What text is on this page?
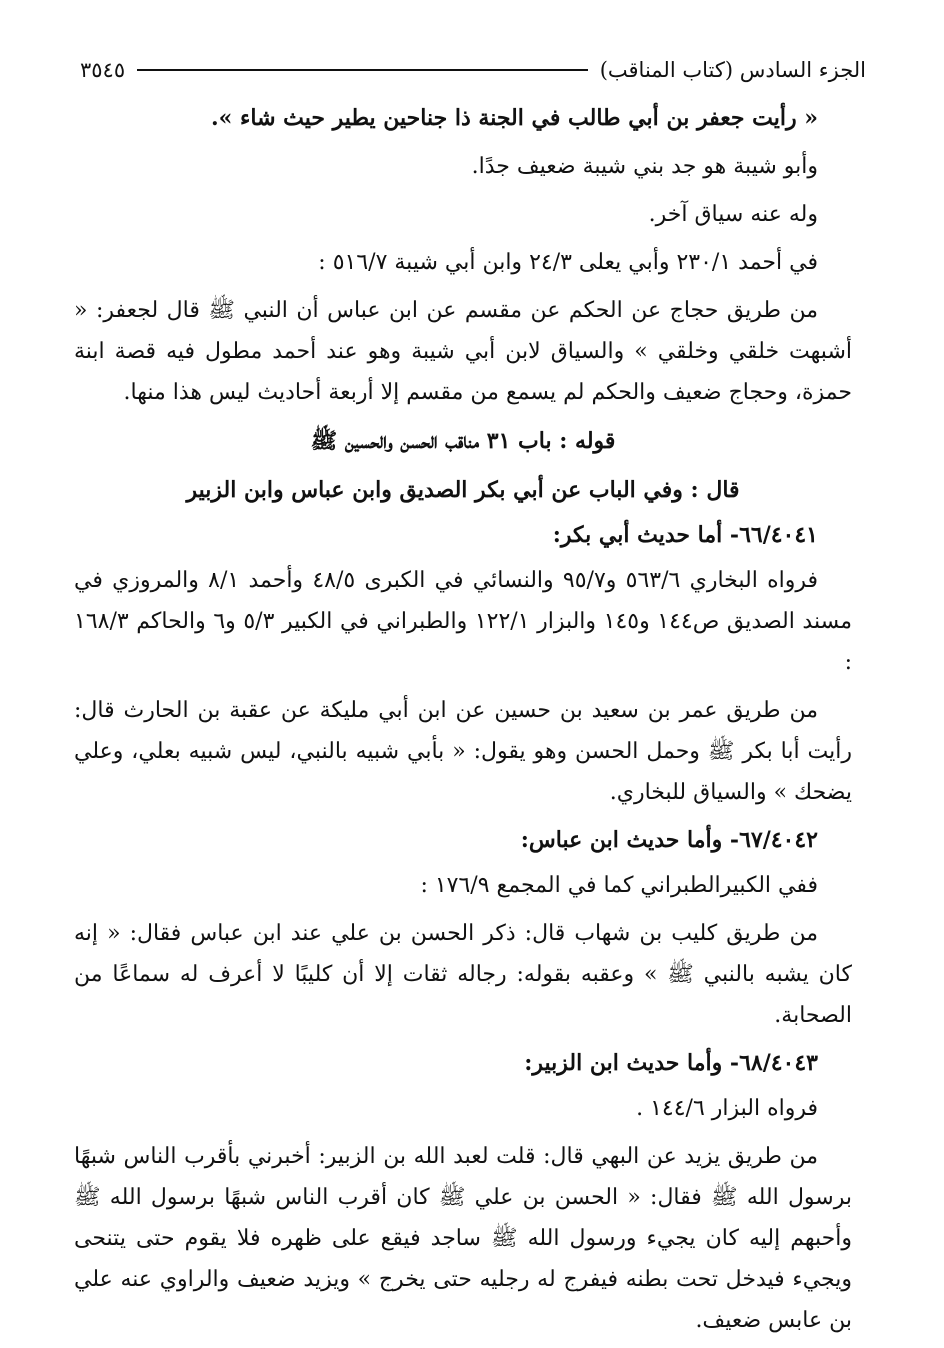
الجزء السادس (كتاب المناقب)
٣٥٤٥

« رأيت جعفر بن أبي طالب في الجنة ذا جناحين يطير حيث شاء ».

وأبو شيبة هو جد بني شيبة ضعيف جدًا.

وله عنه سياق آخر.

في أحمد ٢٣٠/١ وأبي يعلى ٢٤/٣ وابن أبي شيبة ٥١٦/٧ :

من طريق حجاج عن الحكم عن مقسم عن ابن عباس أن النبي ﷺ قال لجعفر: « أشبهت خلقي وخلقي » والسياق لابن أبي شيبة وهو عند أحمد مطول فيه قصة ابنة حمزة، وحجاج ضعيف والحكم لم يسمع من مقسم إلا أربعة أحاديث ليس هذا منها.

قوله : باب ٣١ مناقب الحسن والحسين ﷺ
قال : وفي الباب عن أبي بكر الصديق وابن عباس وابن الزبير
٦٦/٤٠٤١- أما حديث أبي بكر:

فرواه البخاري ٥٦٣/٦ و٩٥/٧ والنسائي في الكبرى ٤٨/٥ وأحمد ٨/١ والمروزي في مسند الصديق ص١٤٤ و١٤٥ والبزار ١٢٢/١ والطبراني في الكبير ٥/٣ و٦ والحاكم ١٦٨/٣ :

من طريق عمر بن سعيد بن حسين عن ابن أبي مليكة عن عقبة بن الحارث قال: رأيت أبا بكر ﷺ وحمل الحسن وهو يقول: « بأبي شبيه بالنبي، ليس شبيه بعلي، وعلي يضحك » والسياق للبخاري.

٦٧/٤٠٤٢- وأما حديث ابن عباس:

ففي الكبيرالطبراني كما في المجمع ١٧٦/٩ :

من طريق كليب بن شهاب قال: ذكر الحسن بن علي عند ابن عباس فقال: « إنه كان يشبه بالنبي ﷺ » وعقبه بقوله: رجاله ثقات إلا أن كليبًا لا أعرف له سماعًا من الصحابة.

٦٨/٤٠٤٣- وأما حديث ابن الزبير:

فرواه البزار ١٤٤/٦ .

من طريق يزيد عن البهي قال: قلت لعبد الله بن الزبير: أخبرني بأقرب الناس شبهًا برسول الله ﷺ فقال: « الحسن بن علي ﷺ كان أقرب الناس شبهًا برسول الله ﷺ وأحبهم إليه كان يجيء ورسول الله ﷺ ساجد فيقع على ظهره فلا يقوم حتى يتنحى ويجيء فيدخل تحت بطنه فيفرج له رجليه حتى يخرج » ويزيد ضعيف والراوي عنه علي بن عابس ضعيف.
